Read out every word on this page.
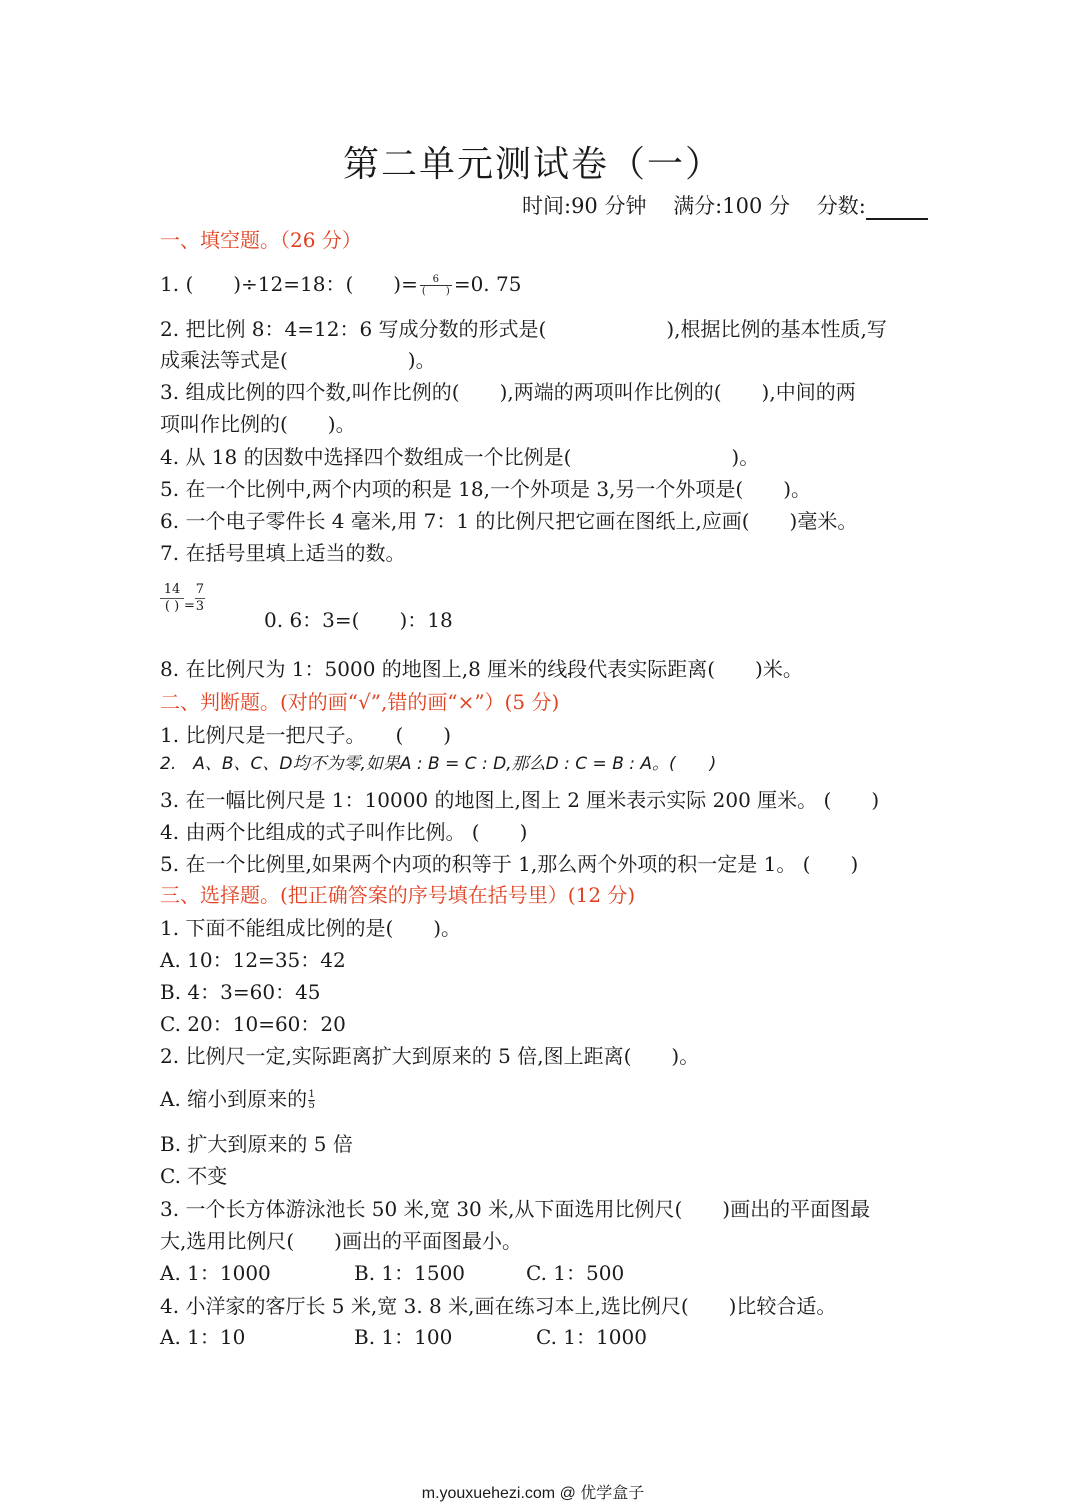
第二单元测试卷（一）
时间:90 分钟 满分:100 分 分数:
一、填空题。（26 分）
1. (　　)÷12=18：(　　)= $\frac{6}{( )} =0$. 75
2. 把比例 8：4=12：6 写成分数的形式是(　　　　　　),根据比例的基本性质,写
成乘法等式是(　　　　　　)。
3. 组成比例的四个数,叫作比例的(　　),两端的两项叫作比例的(　　),中间的两
项叫作比例的(　　)。
4. 从 18 的因数中选择四个数组成一个比例是(　　　　　　　　)。
5. 在一个比例中,两个内项的积是 18,一个外项是 3,另一个外项是(　　)。
6. 一个电子零件长 4 毫米,用 7：1 的比例尺把它画在图纸上,应画(　　)毫米。
7. 在括号里填上适当的数。
$\frac{14}{( )}= \frac{7}{3}$
0. 6：3=(　　)：18
8. 在比例尺为 1：5000 的地图上,8 厘米的线段代表实际距离(　　)米。
二、判断题。(对的画“√”,错的画“×”）(5 分)
1. 比例尺是一把尺子。　　(　　)
2.　A、B、C、D均不为零,如果A : B = C : D,那么D : C = B : A。(　　)
3. 在一幅比例尺是 1：10000 的地图上,图上 2 厘米表示实际 200 厘米。 (　　)
4. 由两个比组成的式子叫作比例。 (　　)
5. 在一个比例里,如果两个内项的积等于 1,那么两个外项的积一定是 1。 (　　)
三、选择题。(把正确答案的序号填在括号里）(12 分)
1. 下面不能组成比例的是(　　)。
A. 10：12=35：42
B. 4：3=60：45
C. 20：10=60：20
2. 比例尺一定,实际距离扩大到原来的 5 倍,图上距离(　　)。
A. 缩小到原来的$\frac{1}{5}$
B. 扩大到原来的 5 倍
C. 不变
3. 一个长方体游泳池长 50 米,宽 30 米,从下面选用比例尺(　　)画出的平面图最
大,选用比例尺(　　)画出的平面图最小。
A. 1：1000	B. 1：1500	C. 1：500
4. 小洋家的客厅长 5 米,宽 3. 8 米,画在练习本上,选比例尺(　　)比较合适。
A. 1：10	B. 1：100	C. 1：1000
m.youxuehezi.com @ 优学盒子
